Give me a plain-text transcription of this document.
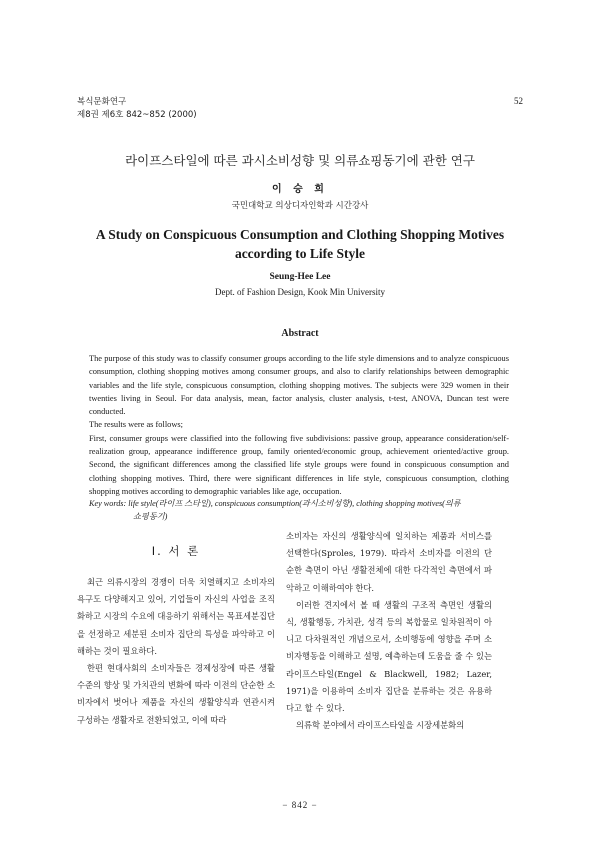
복식문화연구
제8권 제6호 842~852 (2000)
52
라이프스타일에 따른 과시소비성향 및 의류쇼핑동기에 관한 연구
이 승 희
국민대학교 의상디자인학과 시간강사
A Study on Conspicuous Consumption and Clothing Shopping Motives
according to Life Style
Seung-Hee Lee
Dept. of Fashion Design, Kook Min University
Abstract

The purpose of this study was to classify consumer groups according to the life style dimensions and to analyze conspicuous consumption, clothing shopping motives among consumer groups, and also to clarify relationships between demographic variables and the life style, conspicuous consumption, clothing shopping motives. The subjects were 329 women in their twenties living in Seoul. For data analysis, mean, factor analysis, cluster analysis, t-test, ANOVA, Duncan test were conducted.

The results were as follows;

First, consumer groups were classified into the following five subdivisions: passive group, appearance consideration/self-realization group, appearance indifference group, family oriented/economic group, achievement oriented/active group. Second, the significant differences among the classified life style groups were found in conspicuous consumption and clothing shopping motives. Third, there were significant differences in life style, conspicuous consumption, clothing shopping motives according to demographic variables like age, occupation.

Key words: life style(라이프 스타일), conspicuous consumption(과시소비성향), clothing shopping motives(의류
쇼핑동기)
I. 서 론

최근 의류시장의 경쟁이 더욱 치열해지고 소비자의 욕구도 다양해지고 있어, 기업들이 자신의 사업을 조직화하고 시장의 수요에 대응하기 위해서는 목표세분집단을 선정하고 세분된 소비자 집단의 특성을 파악하고 이해하는 것이 필요하다.

한편 현대사회의 소비자들은 경제성장에 따른 생활수준의 향상 및 가치관의 변화에 따라 이전의 단순한 소비자에서 벗어나 제품을 자신의 생활양식과 연관시켜 구성하는 생활자로 전환되었고, 이에 따라

소비자는 자신의 생활양식에 일치하는 제품과 서비스를 선택한다(Sproles, 1979). 따라서 소비자를 이전의 단순한 측면이 아닌 생활전체에 대한 다각적인 측면에서 파악하고 이해하여야 한다.

이러한 견지에서 볼 때 생활의 구조적 측면인 생활의식, 생활행동, 가치관, 성격 등의 복합물로 일차원적이 아니고 다차원적인 개념으로서, 소비행동에 영향을 주며 소비자행동을 이해하고 설명, 예측하는데 도움을 줄 수 있는 라이프스타일(Engel & Blackwell, 1982; Lazer, 1971)을 이용하여 소비자 집단을 분류하는 것은 유용하다고 할 수 있다.

의류학 분야에서 라이프스타일을 시장세분화의

− 842 −
